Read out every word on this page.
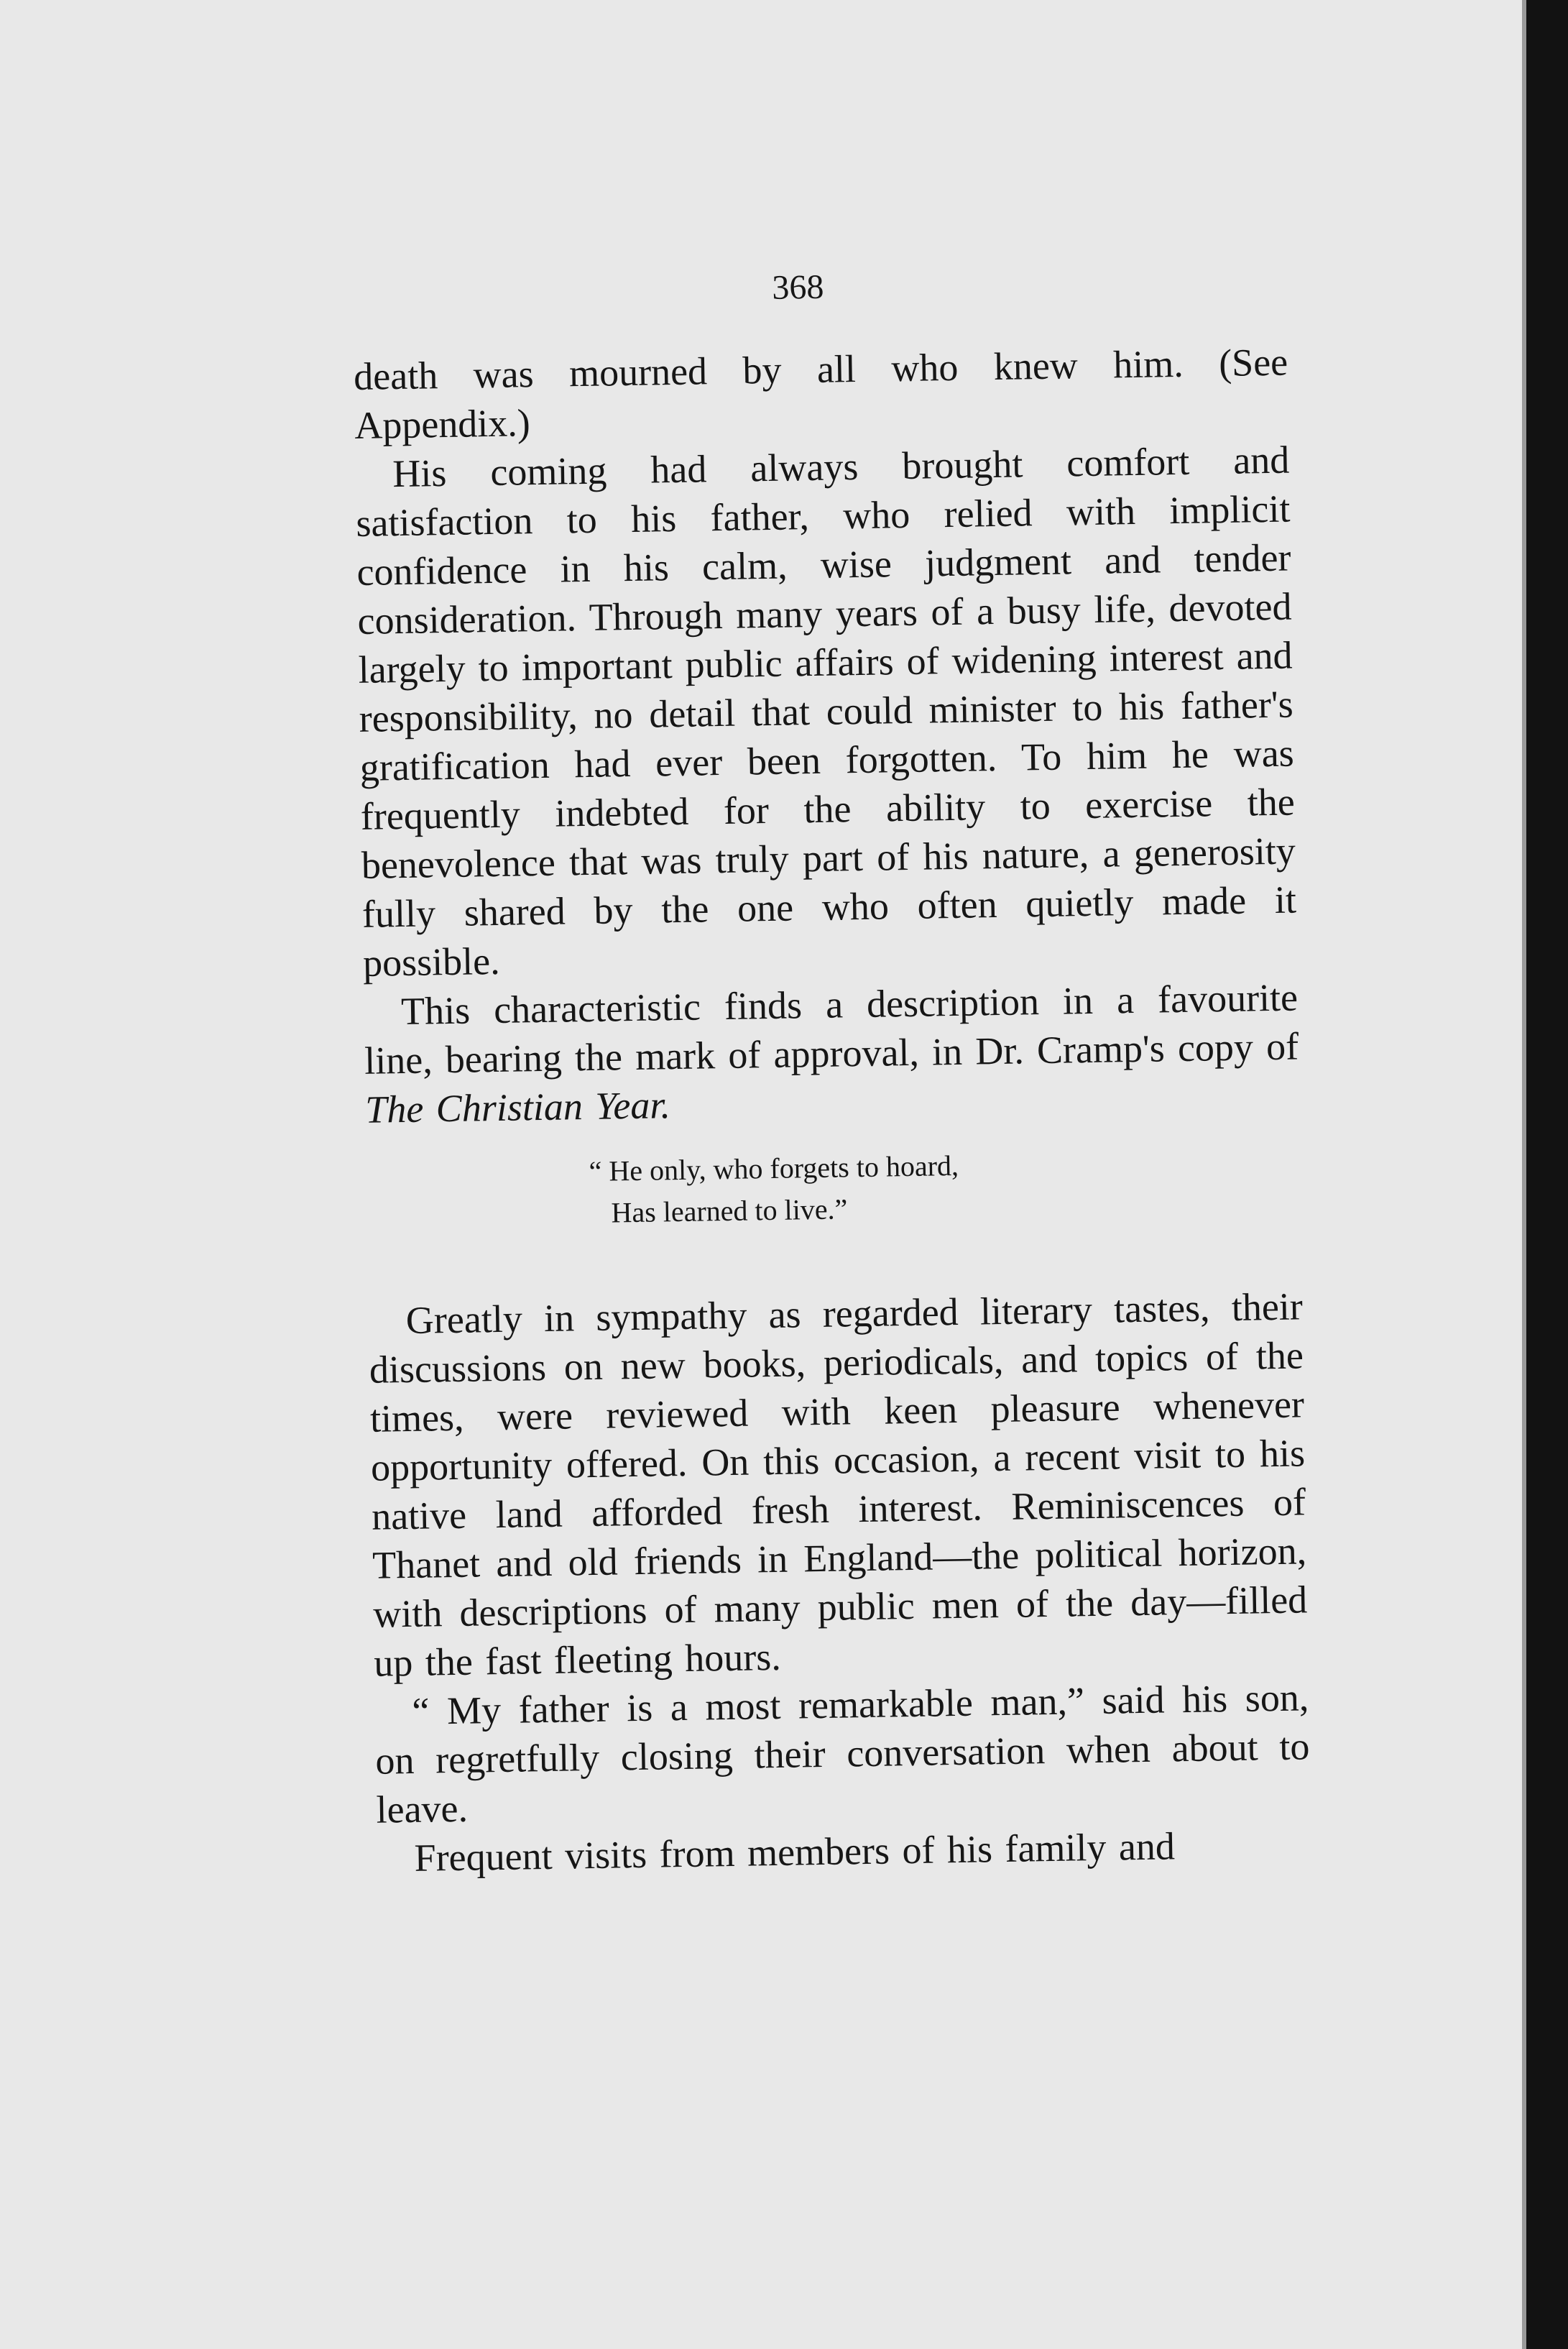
368

death was mourned by all who knew him. (See Appendix.)

His coming had always brought comfort and satisfaction to his father, who relied with implicit confidence in his calm, wise judgment and tender consideration. Through many years of a busy life, devoted largely to important public affairs of widening interest and responsibility, no detail that could minister to his father's gratification had ever been forgotten. To him he was frequently indebted for the ability to exercise the benevolence that was truly part of his nature, a generosity fully shared by the one who often quietly made it possible.

This characteristic finds a description in a favourite line, bearing the mark of approval, in Dr. Cramp's copy of The Christian Year.

“ He only, who forgets to hoard,
Has learned to live.”

Greatly in sympathy as regarded literary tastes, their discussions on new books, periodicals, and topics of the times, were reviewed with keen pleasure whenever opportunity offered. On this occasion, a recent visit to his native land afforded fresh interest. Reminiscences of Thanet and old friends in England—the political horizon, with descriptions of many public men of the day—filled up the fast fleeting hours.

“ My father is a most remarkable man,” said his son, on regretfully closing their conversation when about to leave.

Frequent visits from members of his family and
